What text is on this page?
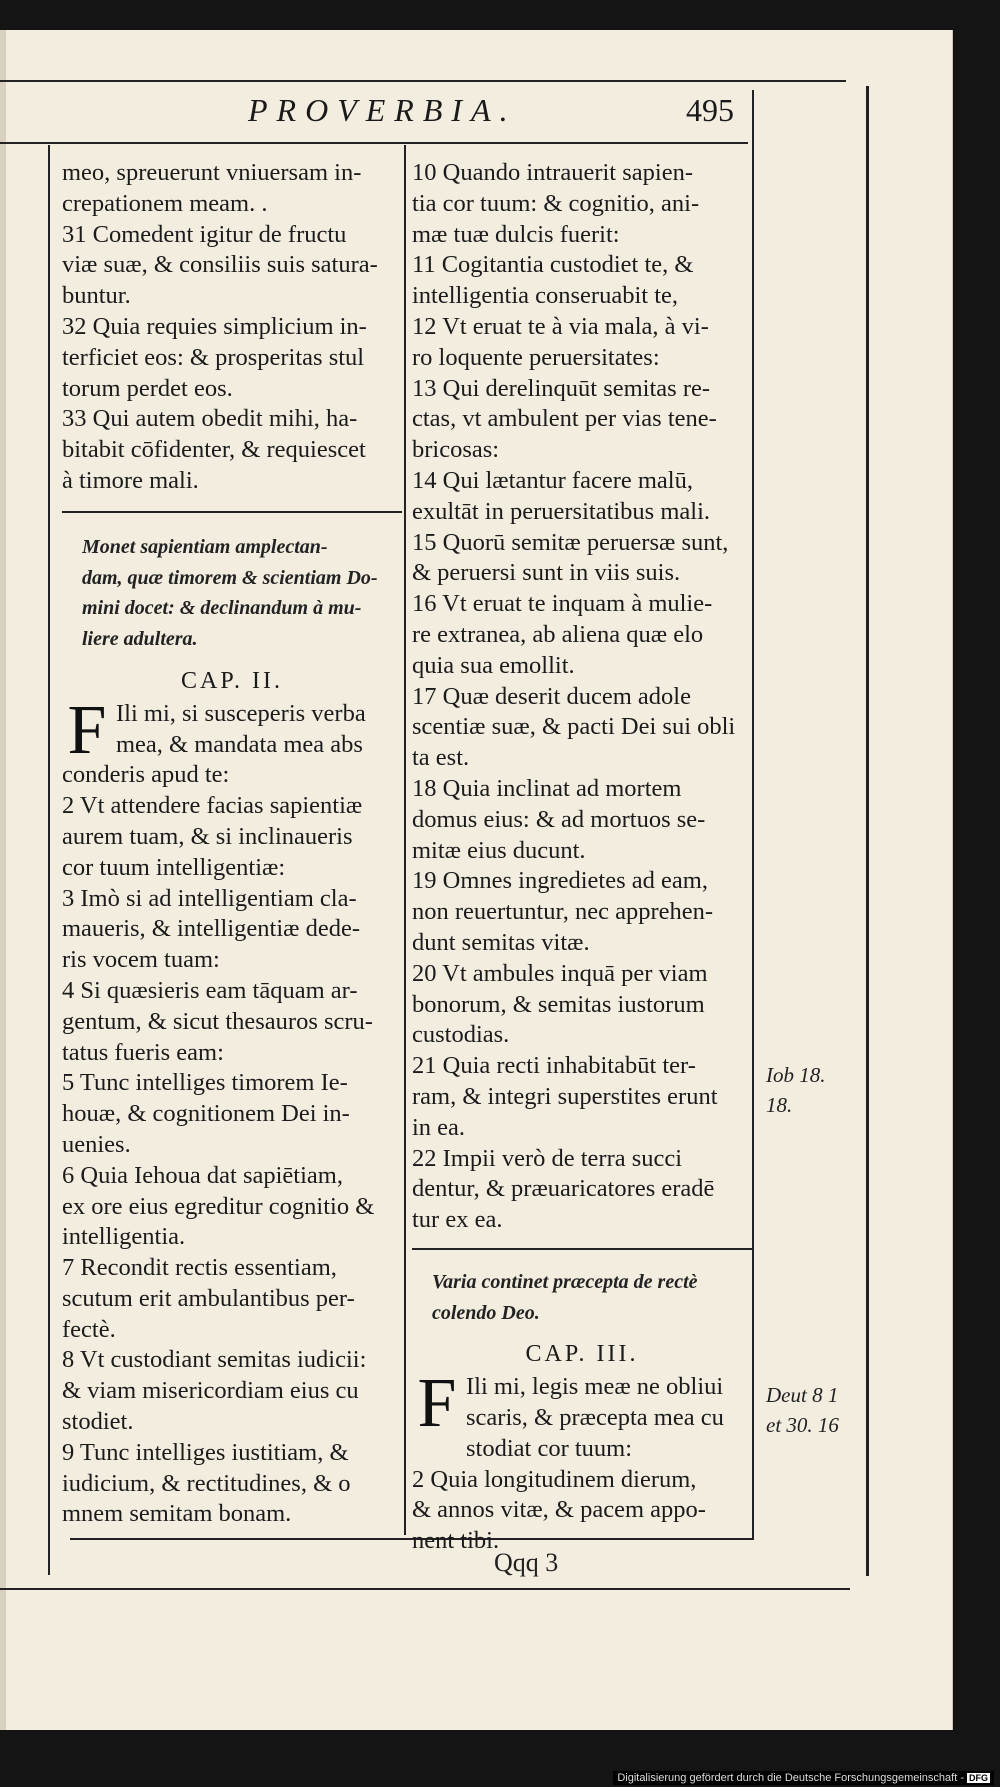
PROVERBIA.	495
meo, spreuerunt vniuersam in-
crepationem meam. .
31 Comedent igitur de fructu
viæ suæ, & consiliis suis satura-
buntur.
32 Quia requies simplicium in-
terficiet eos: & prosperitas stul
torum perdet eos.
33 Qui autem obedit mihi, ha-
bitabit cōfidenter, & requiescet
à timore mali.
Monet sapientiam amplectan-
dam, quæ timorem & scientiam Do-
mini docet: & declinandum à mu-
liere adultera.
CAP. II.
F Ili mi, si susceperis verba
mea, & mandata mea abs
conderis apud te:
2 Vt attendere facias sapientiæ
aurem tuam, & si inclinaueris
cor tuum intelligentiæ:
3 Imò si ad intelligentiam cla-
maueris, & intelligentiæ dede-
ris vocem tuam:
4 Si quæsieris eam tāquam ar-
gentum, & sicut thesauros scru-
tatus fueris eam:
5 Tunc intelliges timorem Ie-
houæ, & cognitionem Dei in-
uenies.
6 Quia Iehoua dat sapiētiam,
ex ore eius egreditur cognitio &
intelligentia.
7 Recondit rectis essentiam,
scutum erit ambulantibus per-
fectè.
8 Vt custodiant semitas iudicii:
& viam misericordiam eius cu
stodiet.
9 Tunc intelliges iustitiam, &
iudicium, & rectitudines, & o
mnem semitam bonam.
10 Quando intrauerit sapien-
tia cor tuum: & cognitio, ani-
mæ tuæ dulcis fuerit:
11 Cogitantia custodiet te, &
intelligentia conseruabit te,
12 Vt eruat te à via mala, à vi-
ro loquente peruersitates:
13 Qui derelinquūt semitas re-
ctas, vt ambulent per vias tene-
bricosas:
14 Qui lætantur facere malū,
exultāt in peruersitatibus mali.
15 Quorū semitæ peruersæ sunt,
& peruersi sunt in viis suis.
16 Vt eruat te inquam à mulie-
re extranea, ab aliena quæ elo
quia sua emollit.
17 Quæ deserit ducem adole
scentiæ suæ, & pacti Dei sui obli
ta est.
18 Quia inclinat ad mortem
domus eius: & ad mortuos se-
mitæ eius ducunt.
19 Omnes ingredietes ad eam,
non reuertuntur, nec apprehen-
dunt semitas vitæ.
20 Vt ambules inquā per viam
bonorum, & semitas iustorum
custodias.
21 Quia recti inhabitabūt ter-
ram, & integri superstites erunt
in ea.
22 Impii verò de terra succi
dentur, & præuaricatores eradē
tur ex ea.
Varia continet præcepta de rectè
colendo Deo.
CAP. III.
F Ili mi, legis meæ ne obliui
scaris, & præcepta mea cu
stodiat cor tuum:
2 Quia longitudinem dierum,
& annos vitæ, & pacem appo-
nent tibi.
Iob 18.
18.
Deut 8 1
et 30. 16
Qqq 3
Digitalisierung gefördert durch die Deutsche Forschungsgemeinschaft - DFG
